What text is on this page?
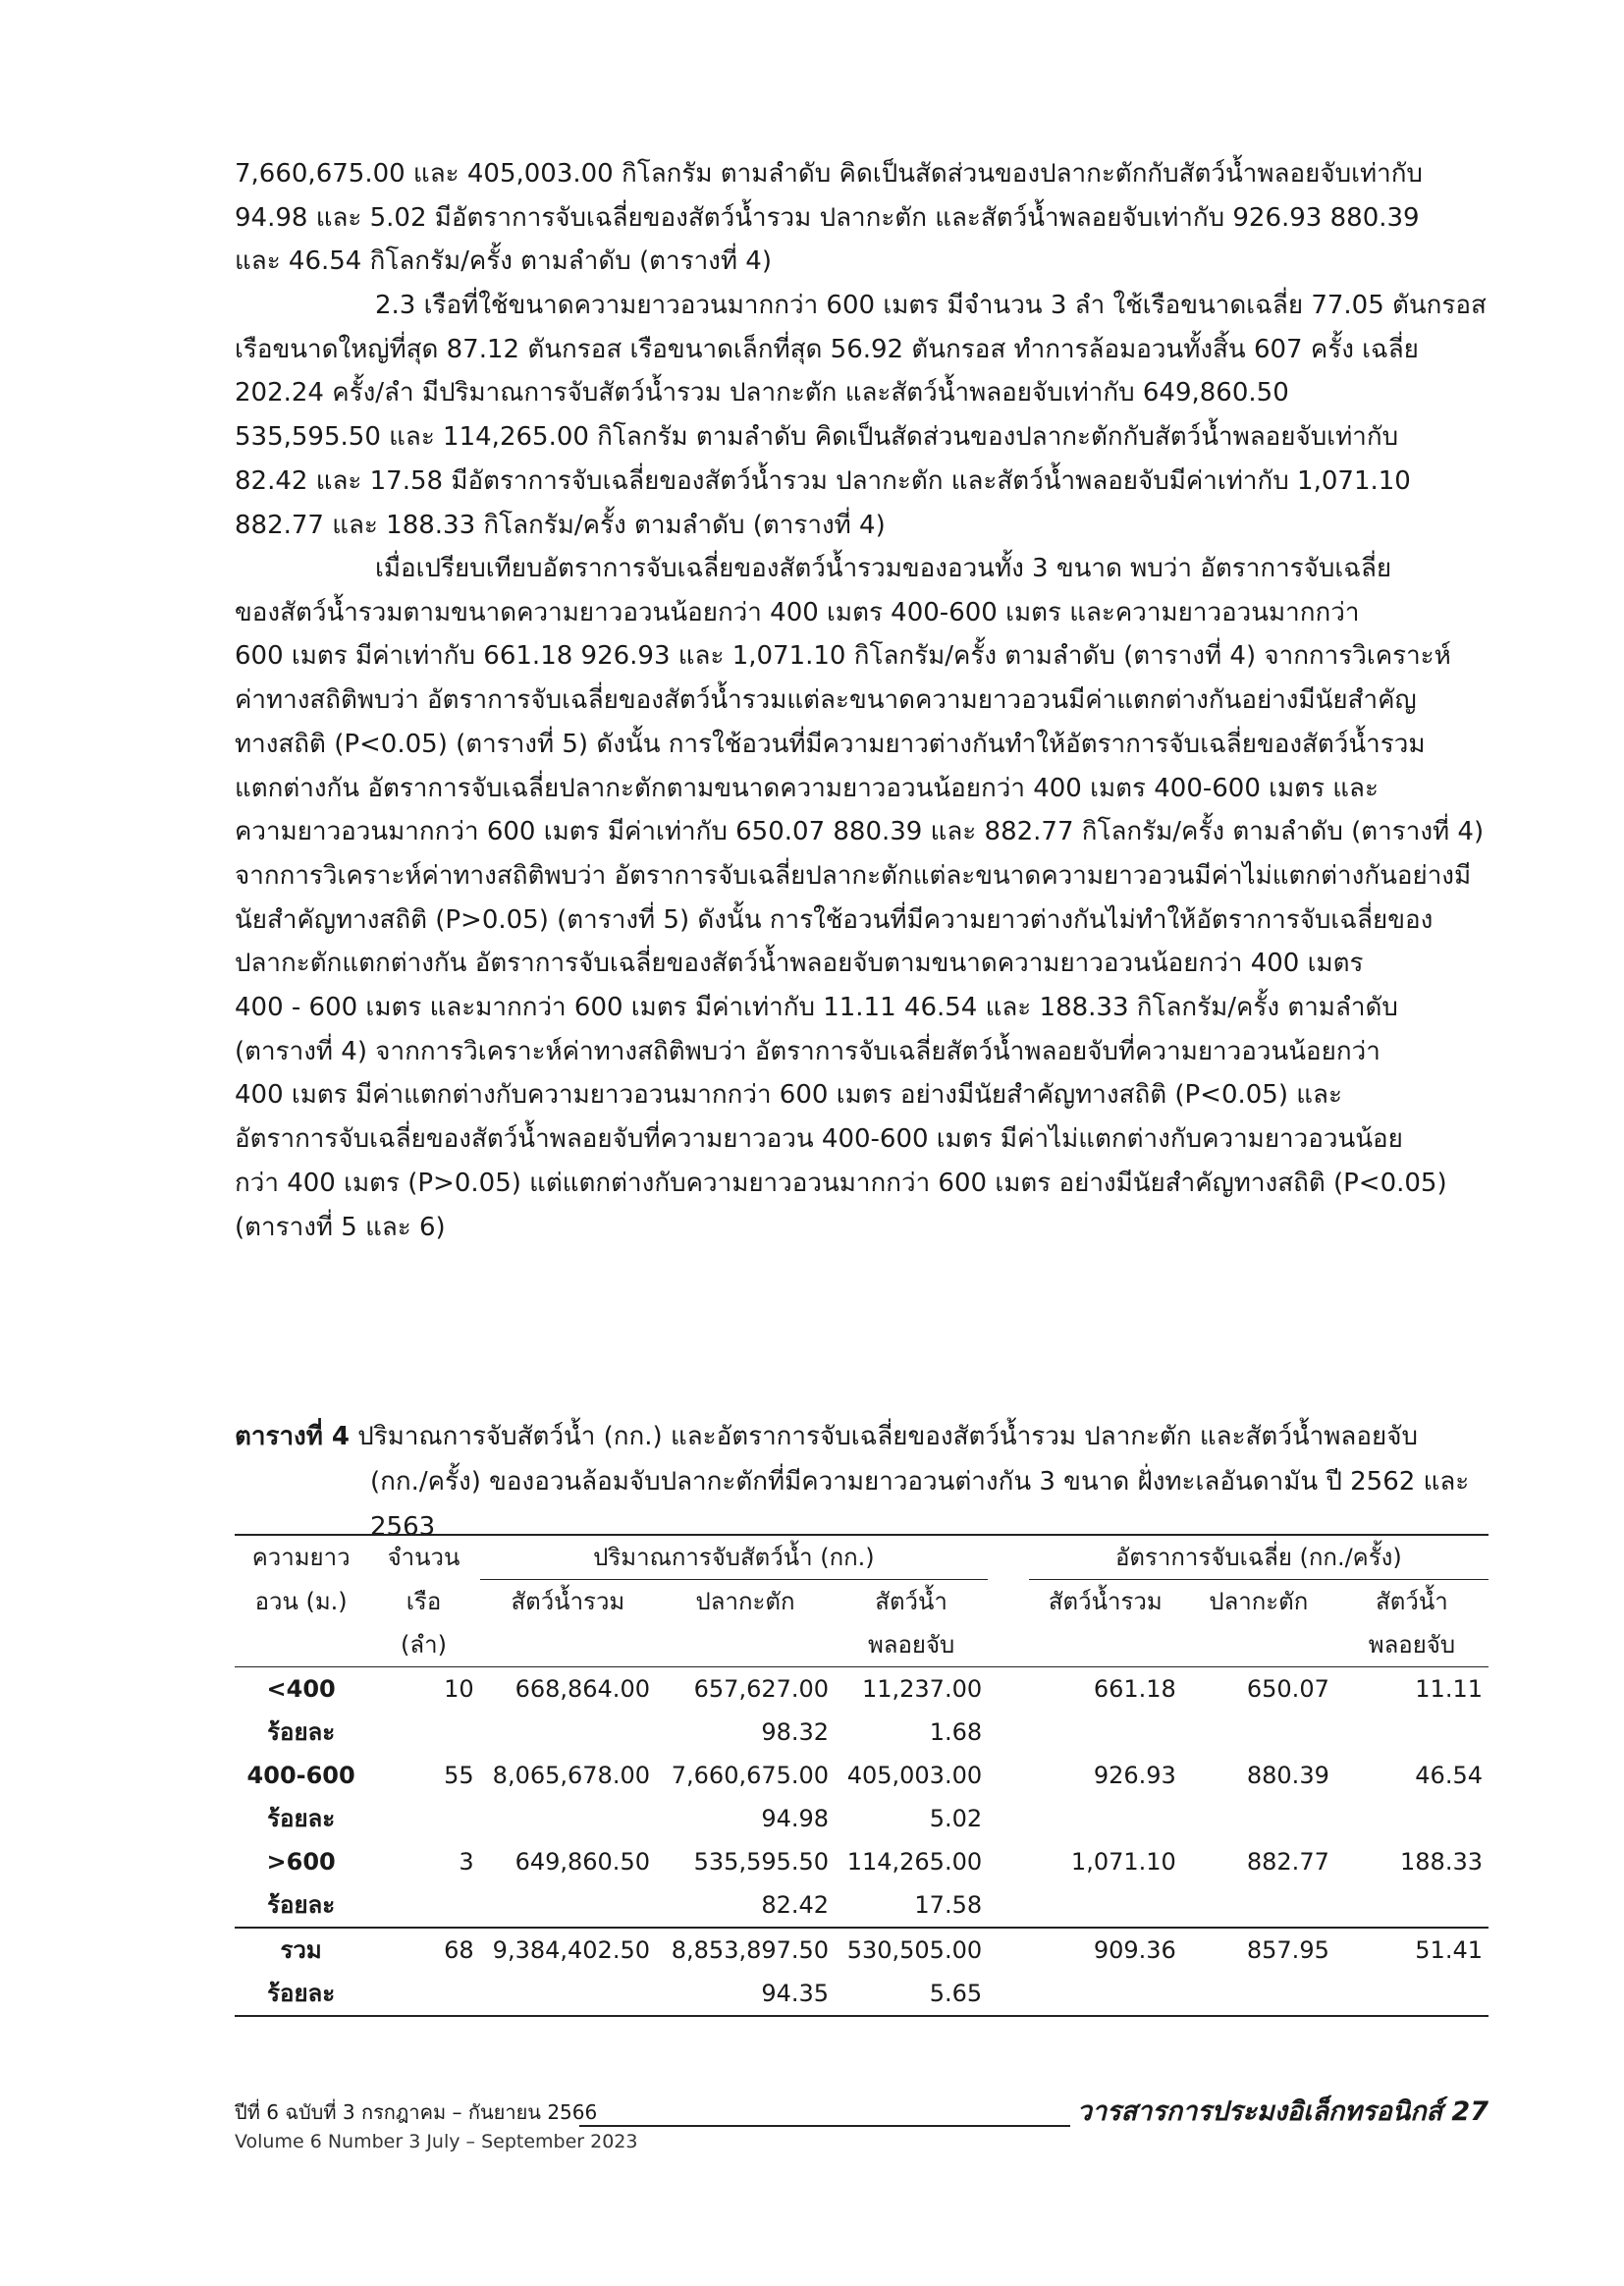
7,660,675.00 และ 405,003.00 กิโลกรัม ตามลำดับ คิดเป็นสัดส่วนของปลากะตักกับสัตว์น้ำพลอยจับเท่ากับ
94.98 และ 5.02 มีอัตราการจับเฉลี่ยของสัตว์น้ำรวม ปลากะตัก และสัตว์น้ำพลอยจับเท่ากับ 926.93 880.39
และ 46.54 กิโลกรัม/ครั้ง ตามลำดับ (ตารางที่ 4)
2.3 เรือที่ใช้ขนาดความยาวอวนมากกว่า 600 เมตร มีจำนวน 3 ลำ ใช้เรือขนาดเฉลี่ย 77.05 ตันกรอส
เรือขนาดใหญ่ที่สุด 87.12 ตันกรอส เรือขนาดเล็กที่สุด 56.92 ตันกรอส ทำการล้อมอวนทั้งสิ้น 607 ครั้ง เฉลี่ย
202.24 ครั้ง/ลำ มีปริมาณการจับสัตว์น้ำรวม ปลากะตัก และสัตว์น้ำพลอยจับเท่ากับ 649,860.50
535,595.50 และ 114,265.00 กิโลกรัม ตามลำดับ คิดเป็นสัดส่วนของปลากะตักกับสัตว์น้ำพลอยจับเท่ากับ
82.42 และ 17.58 มีอัตราการจับเฉลี่ยของสัตว์น้ำรวม ปลากะตัก และสัตว์น้ำพลอยจับมีค่าเท่ากับ 1,071.10
882.77 และ 188.33 กิโลกรัม/ครั้ง ตามลำดับ (ตารางที่ 4)
เมื่อเปรียบเทียบอัตราการจับเฉลี่ยของสัตว์น้ำรวมของอวนทั้ง 3 ขนาด พบว่า อัตราการจับเฉลี่ย
ของสัตว์น้ำรวมตามขนาดความยาวอวนน้อยกว่า 400 เมตร 400-600 เมตร และความยาวอวนมากกว่า
600 เมตร มีค่าเท่ากับ 661.18 926.93 และ 1,071.10 กิโลกรัม/ครั้ง ตามลำดับ (ตารางที่ 4) จากการวิเคราะห์
ค่าทางสถิติพบว่า อัตราการจับเฉลี่ยของสัตว์น้ำรวมแต่ละขนาดความยาวอวนมีค่าแตกต่างกันอย่างมีนัยสำคัญ
ทางสถิติ (P<0.05) (ตารางที่ 5) ดังนั้น การใช้อวนที่มีความยาวต่างกันทำให้อัตราการจับเฉลี่ยของสัตว์น้ำรวม
แตกต่างกัน อัตราการจับเฉลี่ยปลากะตักตามขนาดความยาวอวนน้อยกว่า 400 เมตร 400-600 เมตร และ
ความยาวอวนมากกว่า 600 เมตร มีค่าเท่ากับ 650.07 880.39 และ 882.77 กิโลกรัม/ครั้ง ตามลำดับ (ตารางที่ 4)
จากการวิเคราะห์ค่าทางสถิติพบว่า อัตราการจับเฉลี่ยปลากะตักแต่ละขนาดความยาวอวนมีค่าไม่แตกต่างกันอย่างมี
นัยสำคัญทางสถิติ (P>0.05) (ตารางที่ 5) ดังนั้น การใช้อวนที่มีความยาวต่างกันไม่ทำให้อัตราการจับเฉลี่ยของ
ปลากะตักแตกต่างกัน อัตราการจับเฉลี่ยของสัตว์น้ำพลอยจับตามขนาดความยาวอวนน้อยกว่า 400 เมตร
400 - 600 เมตร และมากกว่า 600 เมตร มีค่าเท่ากับ 11.11 46.54 และ 188.33 กิโลกรัม/ครั้ง ตามลำดับ
(ตารางที่ 4) จากการวิเคราะห์ค่าทางสถิติพบว่า อัตราการจับเฉลี่ยสัตว์น้ำพลอยจับที่ความยาวอวนน้อยกว่า
400 เมตร มีค่าแตกต่างกับความยาวอวนมากกว่า 600 เมตร อย่างมีนัยสำคัญทางสถิติ (P<0.05) และ
อัตราการจับเฉลี่ยของสัตว์น้ำพลอยจับที่ความยาวอวน 400-600 เมตร มีค่าไม่แตกต่างกับความยาวอวนน้อย
กว่า 400 เมตร (P>0.05) แต่แตกต่างกับความยาวอวนมากกว่า 600 เมตร อย่างมีนัยสำคัญทางสถิติ (P<0.05)
(ตารางที่ 5 และ 6)
ตารางที่ 4 ปริมาณการจับสัตว์น้ำ (กก.) และอัตราการจับเฉลี่ยของสัตว์น้ำรวม ปลากะตัก และสัตว์น้ำพลอยจับ
(กก./ครั้ง) ของอวนล้อมจับปลากะตักที่มีความยาวอวนต่างกัน 3 ขนาด ฝั่งทะเลอันดามัน ปี 2562 และ 2563
ความยาว	จำนวน	ปริมาณการจับสัตว์น้ำ (กก.)				อัตราการจับเฉลี่ย (กก./ครั้ง)		
อวน (ม.)	เรือ	สัตว์น้ำรวม	ปลากะตัก	สัตว์น้ำ		สัตว์น้ำรวม	ปลากะตัก	สัตว์น้ำ
	(ลำ)			พลอยจับ				พลอยจับ
<400	10	668,864.00	657,627.00	11,237.00		661.18	650.07	11.11
ร้อยละ			98.32	1.68				
400-600	55	8,065,678.00	7,660,675.00	405,003.00		926.93	880.39	46.54
ร้อยละ			94.98	5.02				
>600	3	649,860.50	535,595.50	114,265.00		1,071.10	882.77	188.33
ร้อยละ			82.42	17.58				
รวม	68	9,384,402.50	8,853,897.50	530,505.00		909.36	857.95	51.41
ร้อยละ			94.35	5.65				
ปีที่ 6 ฉบับที่ 3 กรกฎาคม – กันยายน 2566	วารสารการประมงอิเล็กทรอนิกส์ 27
Volume 6 Number 3 July – September 2023
